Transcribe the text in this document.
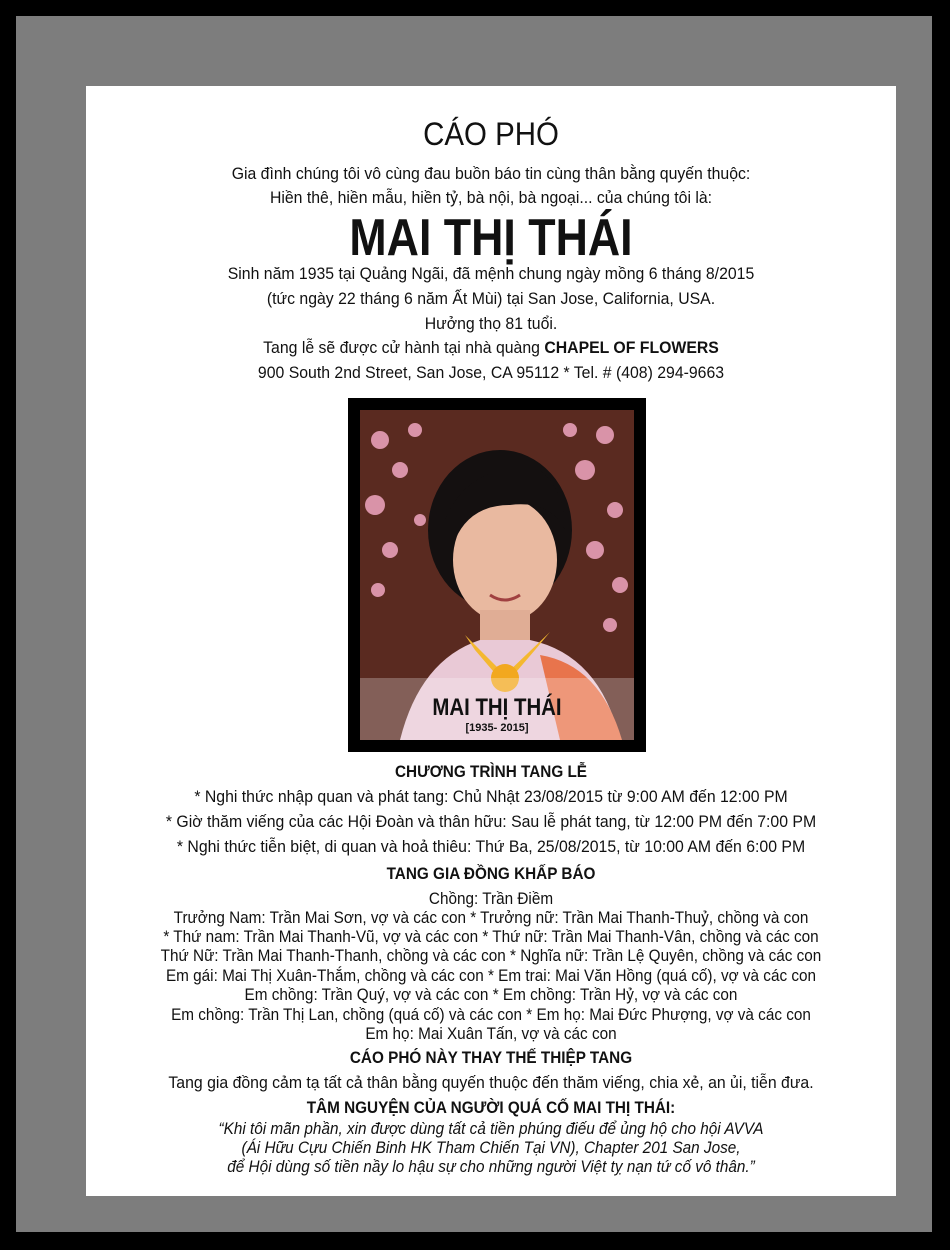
CÁO PHÓ
Gia đình chúng tôi vô cùng đau buồn báo tin cùng thân bằng quyến thuộc:
Hiền thê, hiền mẫu, hiền tỷ, bà nội, bà ngoại... của chúng tôi là:
MAI THỊ THÁI
Sinh năm 1935 tại Quảng Ngãi, đã mệnh chung ngày mồng 6 tháng 8/2015
(tức ngày 22 tháng 6 năm Ất Mùi) tại San Jose, California, USA.
Hưởng thọ 81 tuổi.
Tang lễ sẽ được cử hành tại nhà quàng CHAPEL OF FLOWERS
900 South 2nd Street, San Jose, CA 95112 * Tel. # (408) 294-9663
MAI THỊ THÁI
[1935- 2015]
CHƯƠNG TRÌNH TANG LỄ
* Nghi thức nhập quan và phát tang: Chủ Nhật 23/08/2015 từ 9:00 AM đến 12:00 PM
* Giờ thăm viếng của các Hội Đoàn và thân hữu: Sau lễ phát tang, từ 12:00 PM đến 7:00 PM
* Nghi thức tiễn biệt, di quan và hoả thiêu: Thứ Ba, 25/08/2015, từ 10:00 AM đến 6:00 PM
TANG GIA ĐỒNG KHẤP BÁO
Chồng: Trần Điềm
Trưởng Nam: Trần Mai Sơn, vợ và các con * Trưởng nữ: Trần Mai Thanh-Thuỷ, chồng và con
* Thứ nam: Trần Mai Thanh-Vũ, vợ và các con * Thứ nữ: Trần Mai Thanh-Vân, chồng và các con
Thứ Nữ: Trần Mai Thanh-Thanh, chồng và các con * Nghĩa nữ: Trần Lệ Quyên, chồng và các con
Em gái: Mai Thị Xuân-Thắm, chồng và các con * Em trai: Mai Văn Hồng (quá cố), vợ và các con
Em chồng: Trần Quý, vợ và các con * Em chồng: Trần Hỷ, vợ và các con
Em chồng: Trần Thị Lan, chồng (quá cố) và các con * Em họ: Mai Đức Phượng, vợ và các con
Em họ: Mai Xuân Tấn, vợ và các con
CÁO PHÓ NÀY THAY THẾ THIỆP TANG
Tang gia đồng cảm tạ tất cả thân bằng quyến thuộc đến thăm viếng, chia xẻ, an ủi, tiễn đưa.
TÂM NGUYỆN CỦA NGƯỜI QUÁ CỐ MAI THỊ THÁI:
“Khi tôi mãn phần, xin được dùng tất cả tiền phúng điếu để ủng hộ cho hội AVVA
(Ái Hữu Cựu Chiến Binh HK Tham Chiến Tại VN), Chapter 201 San Jose,
để Hội dùng số tiền nầy lo hậu sự cho những người Việt tỵ nạn tứ cố vô thân.”
